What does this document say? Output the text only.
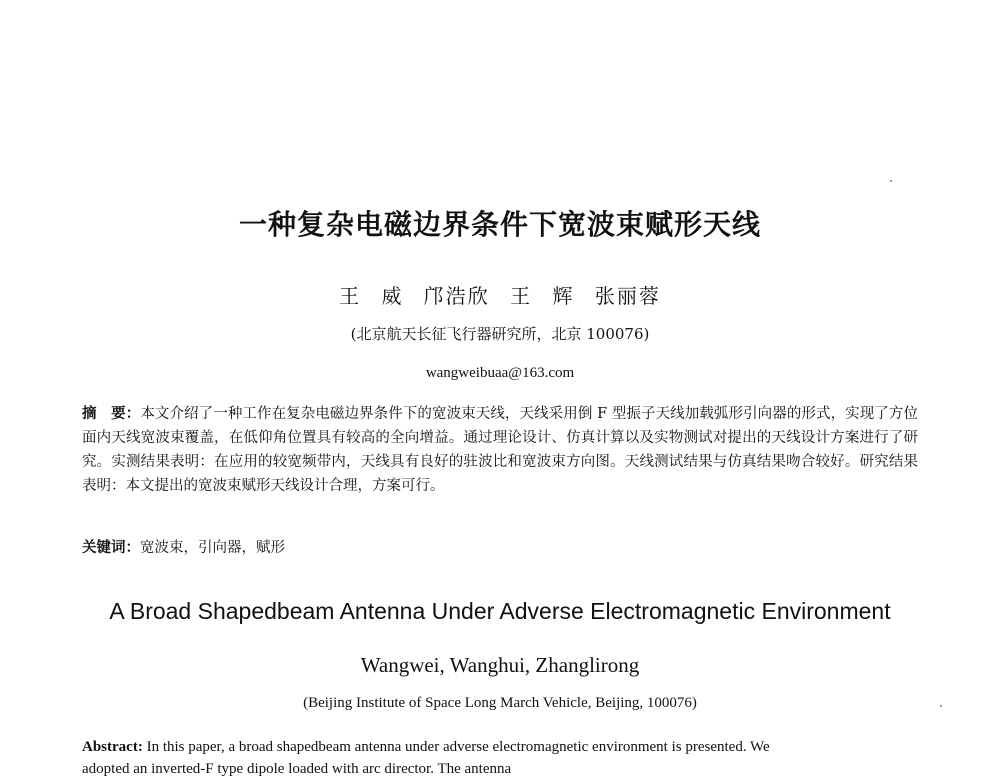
一种复杂电磁边界条件下宽波束赋形天线
王 威 邝浩欣 王 辉 张丽蓉
(北京航天长征飞行器研究所，北京 100076)
wangweibuaa@163.com
摘　要：本文介绍了一种工作在复杂电磁边界条件下的宽波束天线，天线采用倒 F 型振子天线加载弧形引向器的形式，实现了方位面内天线宽波束覆盖，在低仰角位置具有较高的全向增益。通过理论设计、仿真计算以及实物测试对提出的天线设计方案进行了研究。实测结果表明：在应用的较宽频带内，天线具有良好的驻波比和宽波束方向图。天线测试结果与仿真结果吻合较好。研究结果表明：本文提出的宽波束赋形天线设计合理，方案可行。
关键词：宽波束，引向器，赋形
A Broad Shapedbeam Antenna Under Adverse Electromagnetic Environment
Wangwei, Wanghui, Zhanglirong
(Beijing Institute of Space Long March Vehicle, Beijing, 100076)
Abstract: In this paper, a broad shapedbeam antenna under adverse electromagnetic environment is presented. We
adopted an inverted-F type dipole loaded with arc director. The antenna
